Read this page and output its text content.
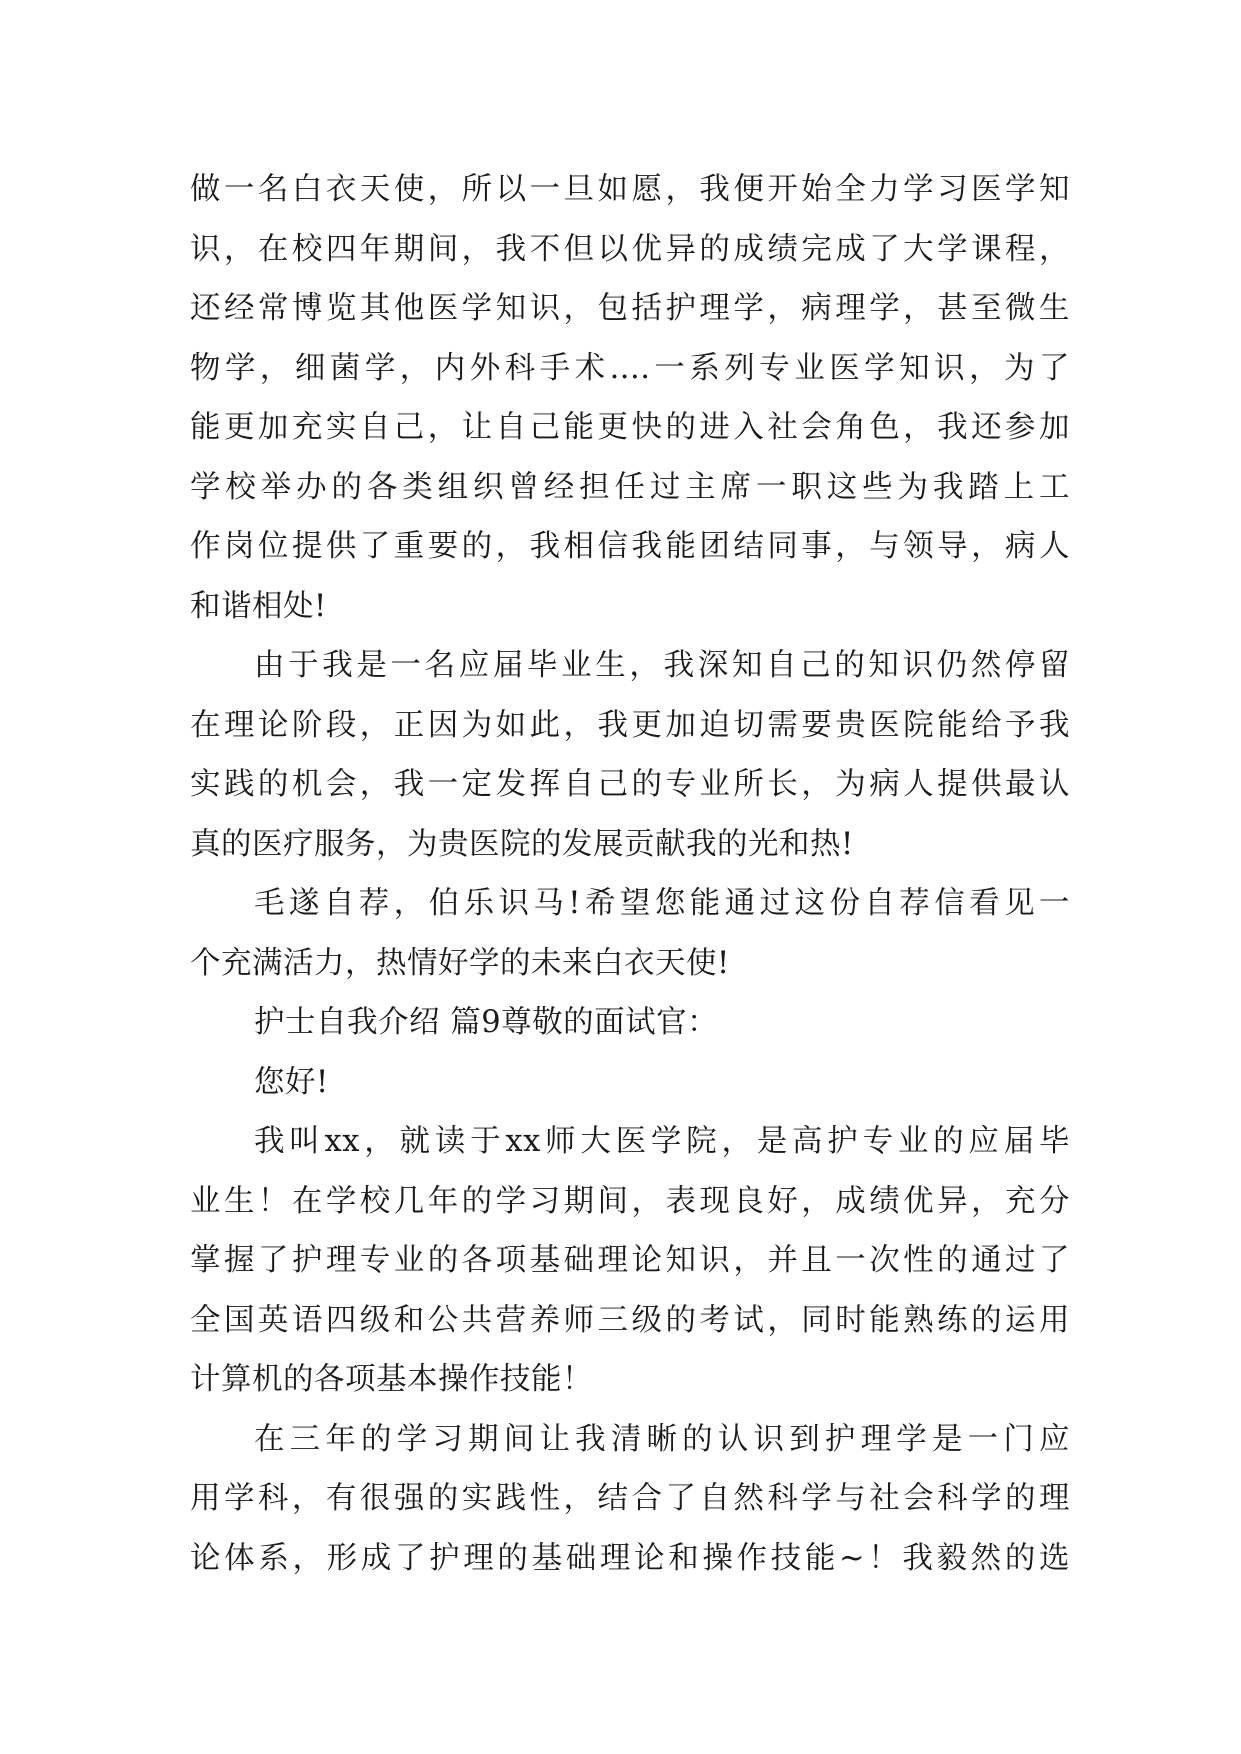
做一名白衣天使，所以一旦如愿，我便开始全力学习医学知
识，在校四年期间，我不但以优异的成绩完成了大学课程，
还经常博览其他医学知识，包括护理学，病理学，甚至微生
物学，细菌学，内外科手术....一系列专业医学知识，为了
能更加充实自己，让自己能更快的进入社会角色，我还参加
学校举办的各类组织曾经担任过主席一职这些为我踏上工
作岗位提供了重要的，我相信我能团结同事，与领导，病人
和谐相处!
由于我是一名应届毕业生，我深知自己的知识仍然停留
在理论阶段，正因为如此，我更加迫切需要贵医院能给予我
实践的机会，我一定发挥自己的专业所长，为病人提供最认
真的医疗服务，为贵医院的发展贡献我的光和热!
毛遂自荐，伯乐识马!希望您能通过这份自荐信看见一
个充满活力，热情好学的未来白衣天使!
护士自我介绍 篇9尊敬的面试官：
您好!
我叫xx，就读于xx师大医学院，是高护专业的应届毕
业生！在学校几年的学习期间，表现良好，成绩优异，充分
掌握了护理专业的各项基础理论知识，并且一次性的通过了
全国英语四级和公共营养师三级的考试，同时能熟练的运用
计算机的各项基本操作技能！
在三年的学习期间让我清晰的认识到护理学是一门应
用学科，有很强的实践性，结合了自然科学与社会科学的理
论体系，形成了护理的基础理论和操作技能~！我毅然的选
